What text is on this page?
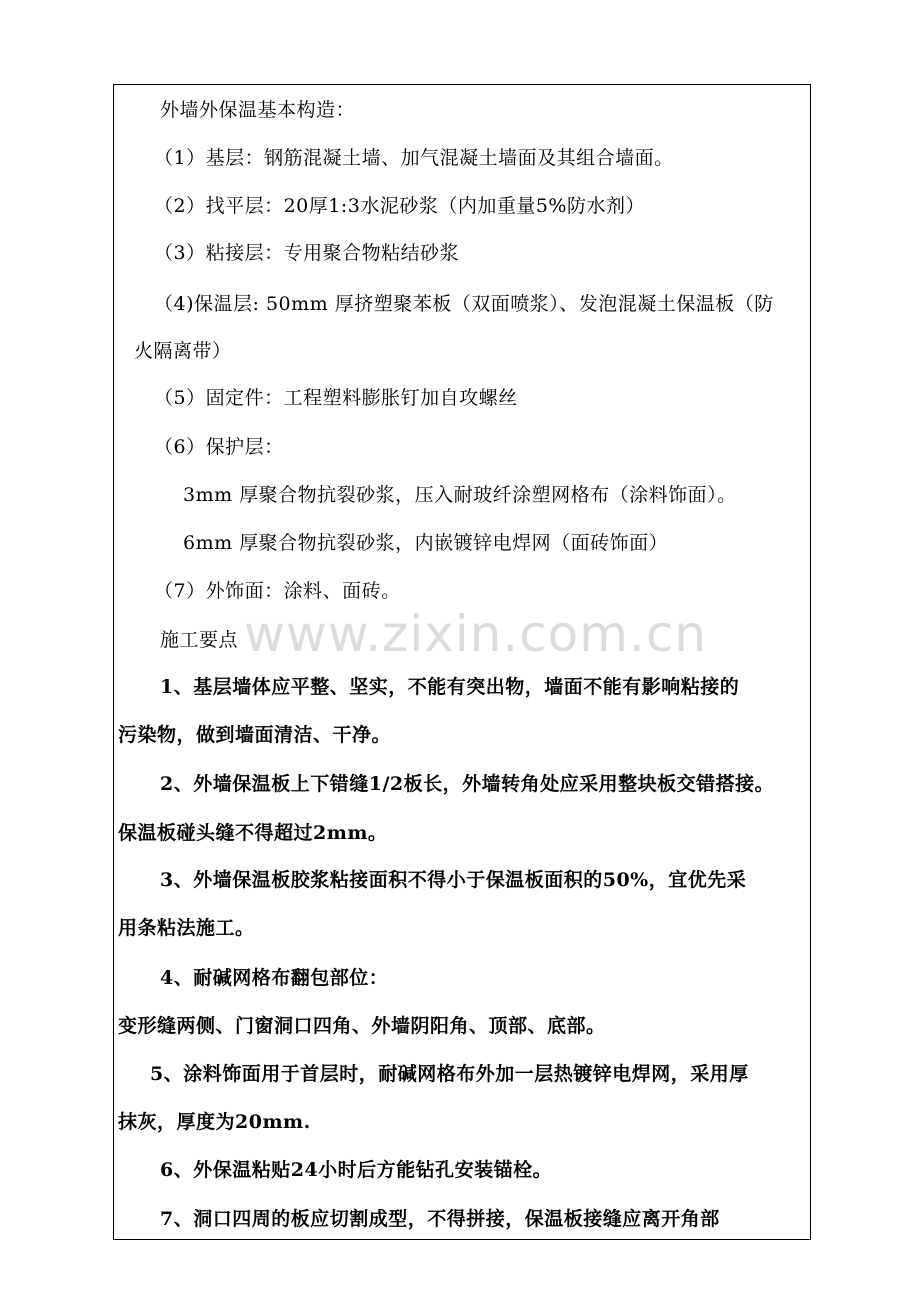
外墙外保温基本构造：
（1）基层：钢筋混凝土墙、加气混凝土墙面及其组合墙面。
（2）找平层：20厚1:3水泥砂浆（内加重量5%防水剂）
（3）粘接层：专用聚合物粘结砂浆
（4)保温层: 50mm 厚挤塑聚苯板（双面喷浆）、发泡混凝土保温板（防
火隔离带）
（5）固定件：工程塑料膨胀钉加自攻螺丝
（6）保护层：
3mm 厚聚合物抗裂砂浆，压入耐玻纤涂塑网格布（涂料饰面）。
6mm 厚聚合物抗裂砂浆，内嵌镀锌电焊网（面砖饰面）
（7）外饰面：涂料、面砖。
施工要点
1、基层墙体应平整、坚实，不能有突出物，墙面不能有影响粘接的
污染物，做到墙面清洁、干净。
2、外墙保温板上下错缝1/2板长，外墙转角处应采用整块板交错搭接。
保温板碰头缝不得超过2mm。
3、外墙保温板胶浆粘接面积不得小于保温板面积的50%，宜优先采
用条粘法施工。
4、耐碱网格布翻包部位：
变形缝两侧、门窗洞口四角、外墙阴阳角、顶部、底部。
5、涂料饰面用于首层时，耐碱网格布外加一层热镀锌电焊网，采用厚
抹灰，厚度为20mm.
6、外保温粘贴24小时后方能钻孔安装锚栓。
7、洞口四周的板应切割成型，不得拼接，保温板接缝应离开角部
www.zixin.com.cn
